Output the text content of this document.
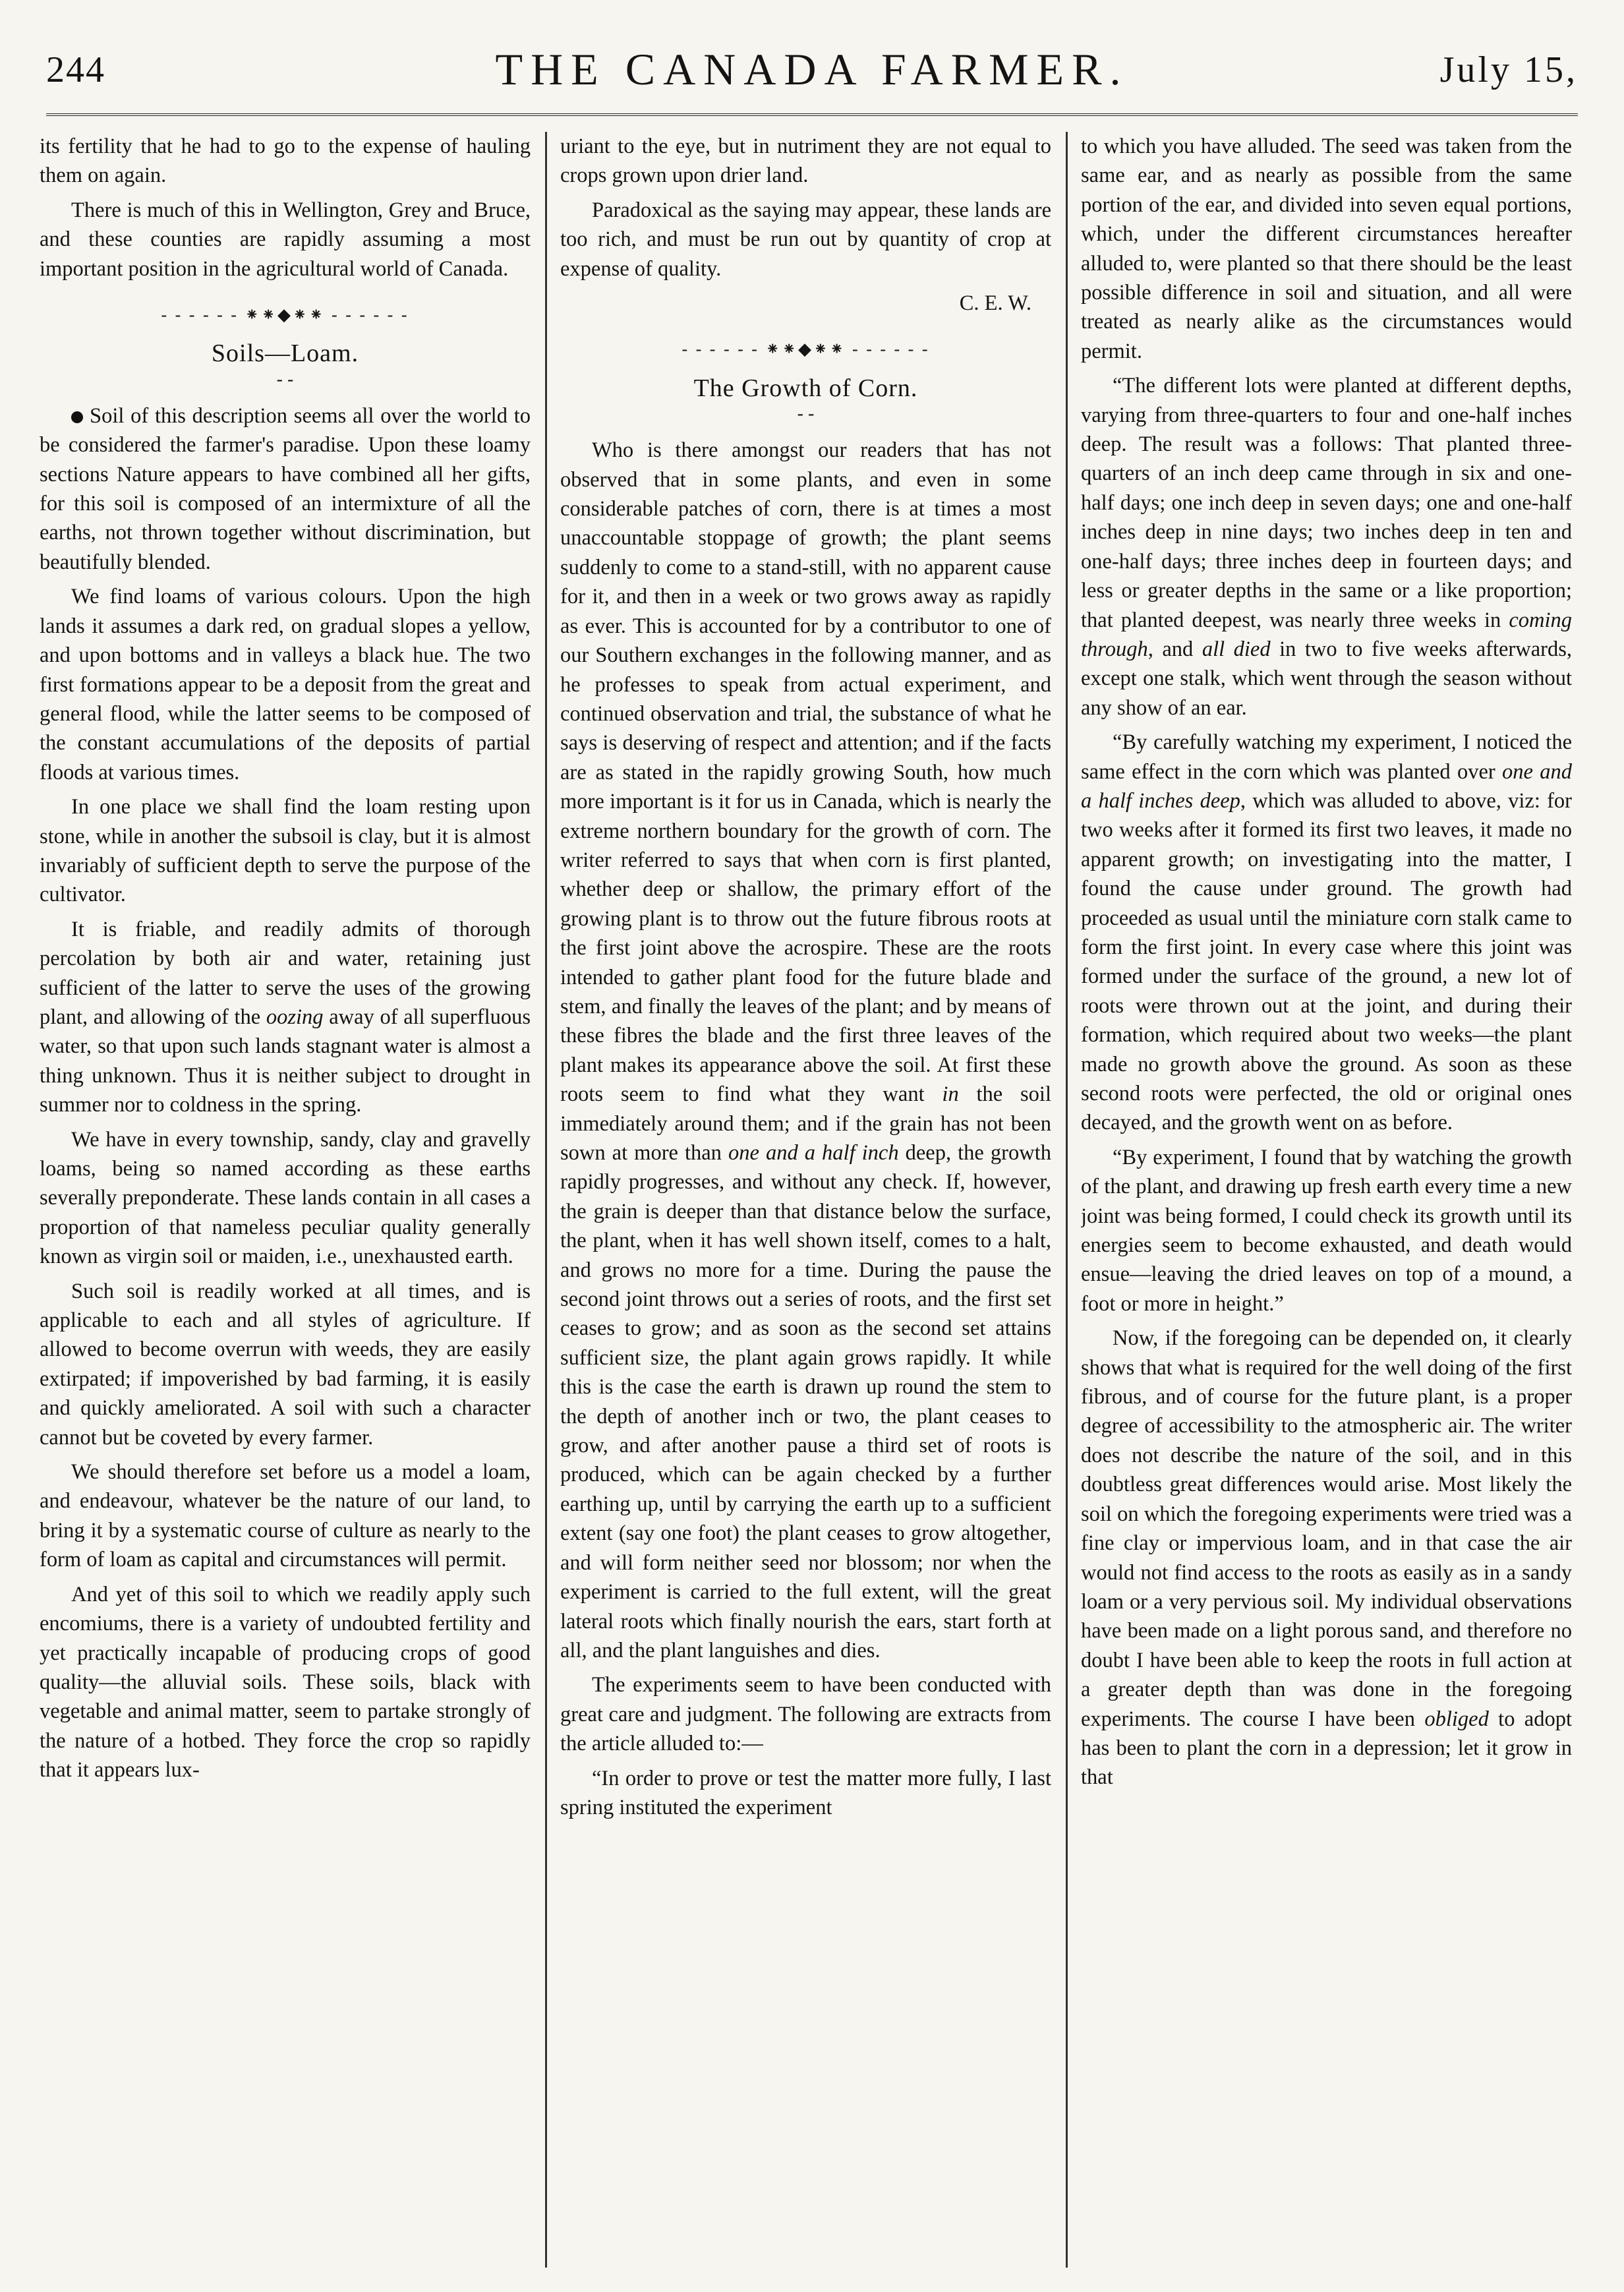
244	THE CANADA FARMER.	July 15,

its fertility that he had to go to the expense of hauling them on again.

There is much of this in Wellington, Grey and Bruce, and these counties are rapidly assuming a most important position in the agricultural world of Canada.

- - - - - - ⁕⁕◆⁕⁕ - - - - - -
Soils—Loam.
- -

Soil of this description seems all over the world to be considered the farmer's paradise. Upon these loamy sections Nature appears to have combined all her gifts, for this soil is composed of an intermixture of all the earths, not thrown together without discrimination, but beautifully blended.

We find loams of various colours. Upon the high lands it assumes a dark red, on gradual slopes a yellow, and upon bottoms and in valleys a black hue. The two first formations appear to be a deposit from the great and general flood, while the latter seems to be composed of the constant accumulations of the deposits of partial floods at various times.

In one place we shall find the loam resting upon stone, while in another the subsoil is clay, but it is almost invariably of sufficient depth to serve the purpose of the cultivator.

It is friable, and readily admits of thorough percolation by both air and water, retaining just sufficient of the latter to serve the uses of the growing plant, and allowing of the oozing away of all superfluous water, so that upon such lands stagnant water is almost a thing unknown. Thus it is neither subject to drought in summer nor to coldness in the spring.

We have in every township, sandy, clay and gravelly loams, being so named according as these earths severally preponderate. These lands contain in all cases a proportion of that nameless peculiar quality generally known as virgin soil or maiden, i.e., unexhausted earth.

Such soil is readily worked at all times, and is applicable to each and all styles of agriculture. If allowed to become overrun with weeds, they are easily extirpated; if impoverished by bad farming, it is easily and quickly ameliorated. A soil with such a character cannot but be coveted by every farmer.

We should therefore set before us a model a loam, and endeavour, whatever be the nature of our land, to bring it by a systematic course of culture as nearly to the form of loam as capital and circumstances will permit.

And yet of this soil to which we readily apply such encomiums, there is a variety of undoubted fertility and yet practically incapable of producing crops of good quality—the alluvial soils. These soils, black with vegetable and animal matter, seem to partake strongly of the nature of a hotbed. They force the crop so rapidly that it appears lux-

uriant to the eye, but in nutriment they are not equal to crops grown upon drier land.

Paradoxical as the saying may appear, these lands are too rich, and must be run out by quantity of crop at expense of quality.

C. E. W.

- - - - - - ⁕⁕◆⁕⁕ - - - - - -
The Growth of Corn.
- -

Who is there amongst our readers that has not observed that in some plants, and even in some considerable patches of corn, there is at times a most unaccountable stoppage of growth; the plant seems suddenly to come to a stand-still, with no apparent cause for it, and then in a week or two grows away as rapidly as ever. This is accounted for by a contributor to one of our Southern exchanges in the following manner, and as he professes to speak from actual experiment, and continued observation and trial, the substance of what he says is deserving of respect and attention; and if the facts are as stated in the rapidly growing South, how much more important is it for us in Canada, which is nearly the extreme northern boundary for the growth of corn. The writer referred to says that when corn is first planted, whether deep or shallow, the primary effort of the growing plant is to throw out the future fibrous roots at the first joint above the acrospire. These are the roots intended to gather plant food for the future blade and stem, and finally the leaves of the plant; and by means of these fibres the blade and the first three leaves of the plant makes its appearance above the soil. At first these roots seem to find what they want in the soil immediately around them; and if the grain has not been sown at more than one and a half inch deep, the growth rapidly progresses, and without any check. If, however, the grain is deeper than that distance below the surface, the plant, when it has well shown itself, comes to a halt, and grows no more for a time. During the pause the second joint throws out a series of roots, and the first set ceases to grow; and as soon as the second set attains sufficient size, the plant again grows rapidly. It while this is the case the earth is drawn up round the stem to the depth of another inch or two, the plant ceases to grow, and after another pause a third set of roots is produced, which can be again checked by a further earthing up, until by carrying the earth up to a sufficient extent (say one foot) the plant ceases to grow altogether, and will form neither seed nor blossom; nor when the experiment is carried to the full extent, will the great lateral roots which finally nourish the ears, start forth at all, and the plant languishes and dies.

The experiments seem to have been conducted with great care and judgment. The following are extracts from the article alluded to:—

“In order to prove or test the matter more fully, I last spring instituted the experiment

to which you have alluded. The seed was taken from the same ear, and as nearly as possible from the same portion of the ear, and divided into seven equal portions, which, under the different circumstances hereafter alluded to, were planted so that there should be the least possible difference in soil and situation, and all were treated as nearly alike as the circumstances would permit.

“The different lots were planted at different depths, varying from three-quarters to four and one-half inches deep. The result was a follows: That planted three-quarters of an inch deep came through in six and one-half days; one inch deep in seven days; one and one-half inches deep in nine days; two inches deep in ten and one-half days; three inches deep in fourteen days; and less or greater depths in the same or a like proportion; that planted deepest, was nearly three weeks in coming through, and all died in two to five weeks afterwards, except one stalk, which went through the season without any show of an ear.

“By carefully watching my experiment, I noticed the same effect in the corn which was planted over one and a half inches deep, which was alluded to above, viz: for two weeks after it formed its first two leaves, it made no apparent growth; on investigating into the matter, I found the cause under ground. The growth had proceeded as usual until the miniature corn stalk came to form the first joint. In every case where this joint was formed under the surface of the ground, a new lot of roots were thrown out at the joint, and during their formation, which required about two weeks—the plant made no growth above the ground. As soon as these second roots were perfected, the old or original ones decayed, and the growth went on as before.

“By experiment, I found that by watching the growth of the plant, and drawing up fresh earth every time a new joint was being formed, I could check its growth until its energies seem to become exhausted, and death would ensue—leaving the dried leaves on top of a mound, a foot or more in height.”

Now, if the foregoing can be depended on, it clearly shows that what is required for the well doing of the first fibrous, and of course for the future plant, is a proper degree of accessibility to the atmospheric air. The writer does not describe the nature of the soil, and in this doubtless great differences would arise. Most likely the soil on which the foregoing experiments were tried was a fine clay or impervious loam, and in that case the air would not find access to the roots as easily as in a sandy loam or a very pervious soil. My individual observations have been made on a light porous sand, and therefore no doubt I have been able to keep the roots in full action at a greater depth than was done in the foregoing experiments. The course I have been obliged to adopt has been to plant the corn in a depression; let it grow in that
